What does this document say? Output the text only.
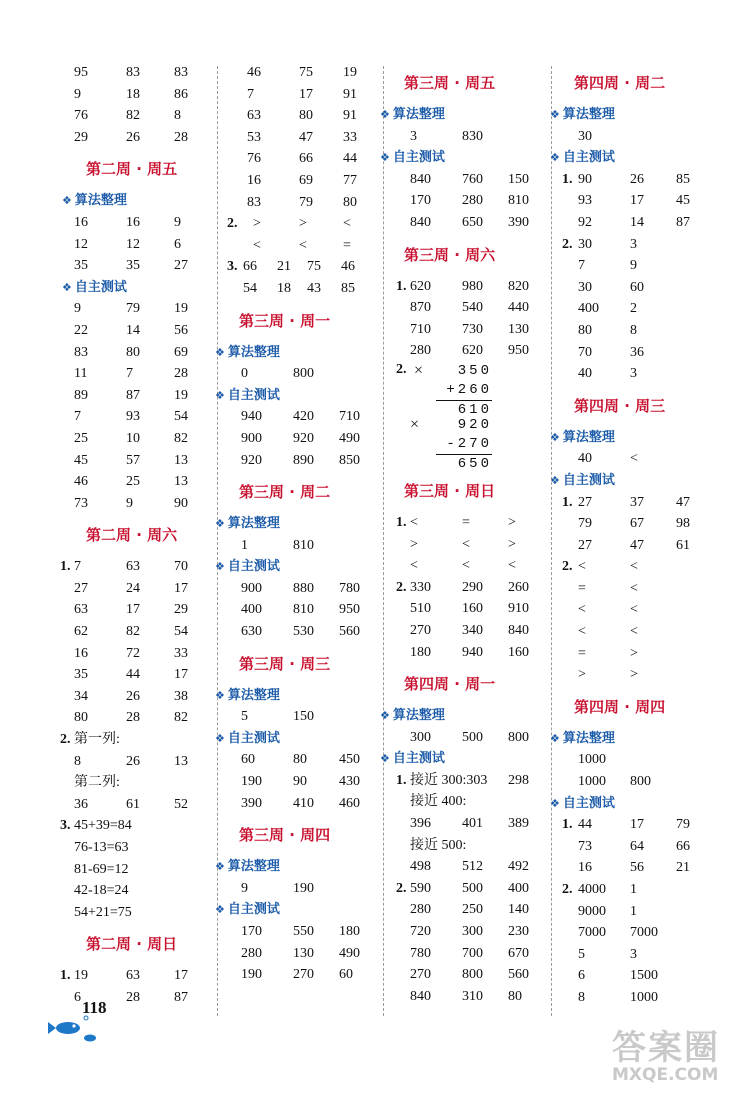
95	83 83
9	18 86
76	82 8
29	26 28
第二周 · 周五
❖ 算法整理
16	16 9
12	12 6
35	35 27
❖ 自主测试
9	79 19
22	14 56
83	80 69
11	7	28
89	87 19
7	93 54
25	10 82
45	57 13
46	25 13
73	9	90
第二周 · 周六
1. 7	63 70
27	24 17
63	17 29
62	82 54
16	72 33
35	44 17
34	26 38
80	28 82
2. 第一列:
8	26 13
第二列:
36	61 52
3. 45+39=84
76-13=63
81-69=12
42-18=24
54+21=75
第二周 · 周日
1. 19	63 17
6	28 87
46	75 19
7	17 91
63	80 91
53	47 33
76	66 44
16	69 77
83	79 80
2. >	>	<
<	<	=
3. 66 21 75 46
54 18 43 85
第三周 · 周一
❖ 算法整理
0	800
❖ 自主测试
940 420 710
900 920 490
920 890 850
第三周 · 周二
❖ 算法整理
1	810
❖ 自主测试
900 880 780
400 810 950
630 530 560
第三周 · 周三
❖ 算法整理
5	150
❖ 自主测试
60	80 450
190 90 430
390 410 460
第三周 · 周四
❖ 算法整理
9	190
❖ 自主测试
170 550 180
280 130 490
190 270 60
第三周 · 周五
❖ 算法整理
3	830
❖ 自主测试
840 760 150
170 280 810
840 650 390
第三周 · 周六
1. 620 980 820
870 540 440
710 730 130
280 620 950
2. ×
×
350
+260
610
920
-270
650
第三周 · 周日
1. <	=	>
>	<	>
<	<	<
2. 330 290 260
510 160 910
270 340 840
180 940 160
第四周 · 周一
❖ 算法整理
300 500 800
❖ 自主测试
1. 接近 300:303 298
接近 400:
396 401 389
接近 500:
498 512 492
2. 590 500 400
280 250 140
720 300 230
780 700 670
270 800 560
840 310 80
第四周 · 周二
❖ 算法整理
30
❖ 自主测试
1. 90	26 85
93	17 45
92	14 87
2. 30	3
7	9
30	60
400 2
80	8
70	36
40	3
第四周 · 周三
❖ 算法整理
40	<
❖ 自主测试
1. 27	37 47
79	67 98
27	47 61
2. <	<
=	<
<	<
<	<
=	>
>	>
第四周 · 周四
❖ 算法整理
1000
1000 800
❖ 自主测试
1. 44	17 79
73	64 66
16	56 21
2. 4000 1
9000 1
7000 7000
5	3
6	1500
8	1000
118
答案圈
MXQE.COM
